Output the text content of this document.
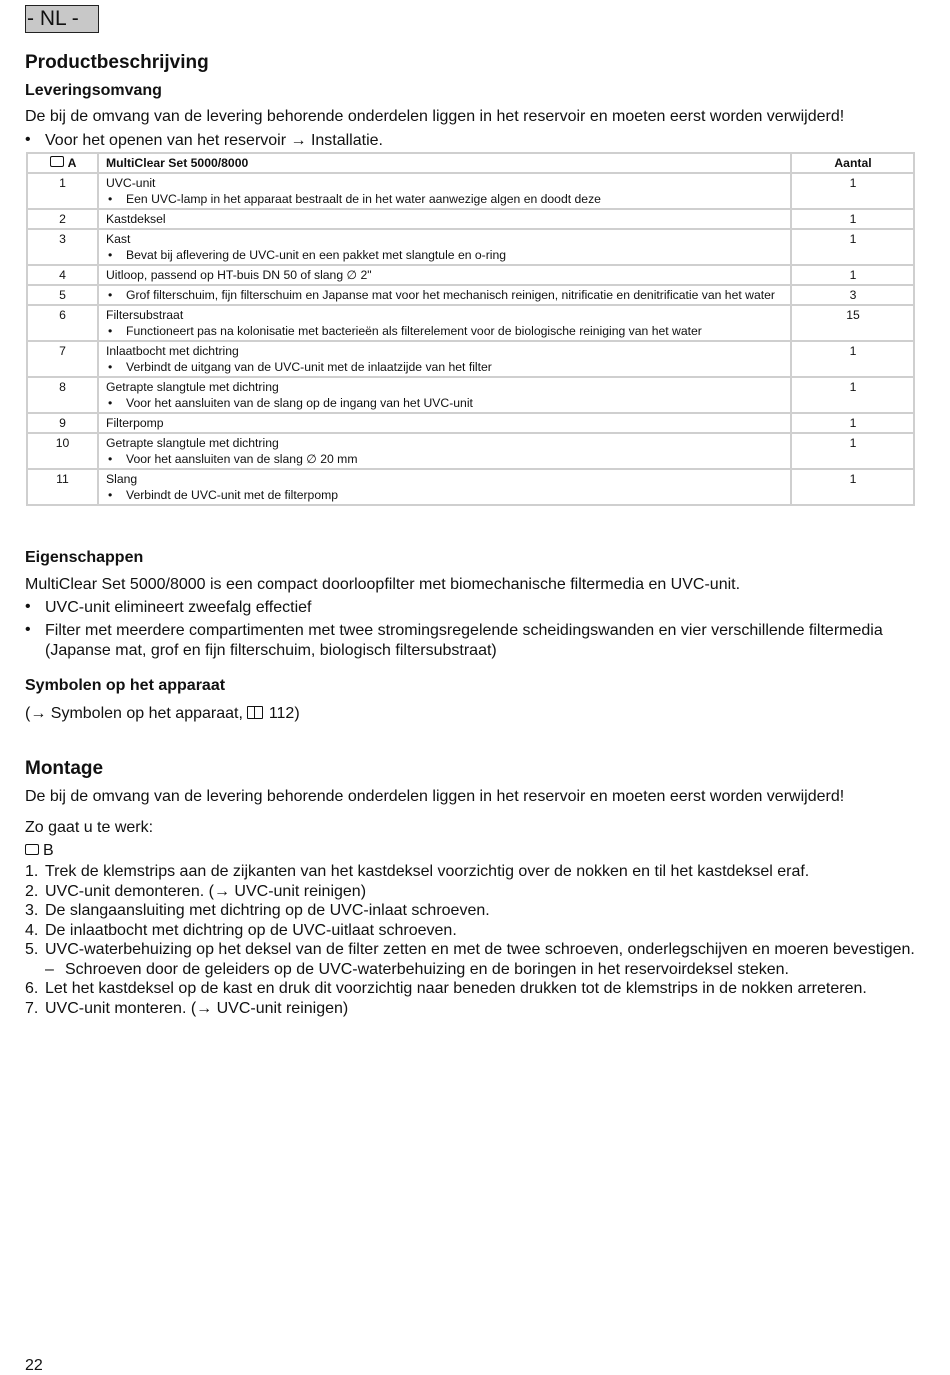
- NL -
Productbeschrijving
Leveringsomvang

De bij de omvang van de levering behorende onderdelen liggen in het reservoir en moeten eerst worden verwijderd!

• Voor het openen van het reservoir → Installatie.
A	MultiClear Set 5000/8000	Aantal
1	UVC-unit
• Een UVC-lamp in het apparaat bestraalt de in het water aanwezige algen en doodt deze	1
2	Kastdeksel	1
3	Kast
• Bevat bij aflevering de UVC-unit en een pakket met slangtule en o-ring	1
4	Uitloop, passend op HT-buis DN 50 of slang ∅ 2"	1
5	• Grof filterschuim, fijn filterschuim en Japanse mat voor het mechanisch reinigen, nitrificatie en denitrificatie van het water	3
6	Filtersubstraat
• Functioneert pas na kolonisatie met bacterieën als filterelement voor de biologische reiniging van het water	15
7	Inlaatbocht met dichtring
• Verbindt de uitgang van de UVC-unit met de inlaatzijde van het filter	1
8	Getrapte slangtule met dichtring
• Voor het aansluiten van de slang op de ingang van het UVC-unit	1
9	Filterpomp	1
10	Getrapte slangtule met dichtring
• Voor het aansluiten van de slang ∅ 20 mm	1
11	Slang
• Verbindt de UVC-unit met de filterpomp	1
Eigenschappen

MultiClear Set 5000/8000 is een compact doorloopfilter met biomechanische filtermedia en UVC-unit.

• UVC-unit elimineert zweefalg effectief
• Filter met meerdere compartimenten met twee stromingsregelende scheidingswanden en vier verschillende filtermedia (Japanse mat, grof en fijn filterschuim, biologisch filtersubstraat)
Symbolen op het apparaat

(→ Symbolen op het apparaat, 112)

Montage

De bij de omvang van de levering behorende onderdelen liggen in het reservoir en moeten eerst worden verwijderd!

Zo gaat u te werk:

B

1. Trek de klemstrips aan de zijkanten van het kastdeksel voorzichtig over de nokken en til het kastdeksel eraf.
2. UVC-unit demonteren. (→ UVC-unit reinigen)
3. De slangaansluiting met dichtring op de UVC-inlaat schroeven.
4. De inlaatbocht met dichtring op de UVC-uitlaat schroeven.
5. UVC-waterbehuizing op het deksel van de filter zetten en met de twee schroeven, onderlegschijven en moeren bevestigen.
– Schroeven door de geleiders op de UVC-waterbehuizing en de boringen in het reservoirdeksel steken.
6. Let het kastdeksel op de kast en druk dit voorzichtig naar beneden drukken tot de klemstrips in de nokken arreteren.
7. UVC-unit monteren. (→ UVC-unit reinigen)
22
